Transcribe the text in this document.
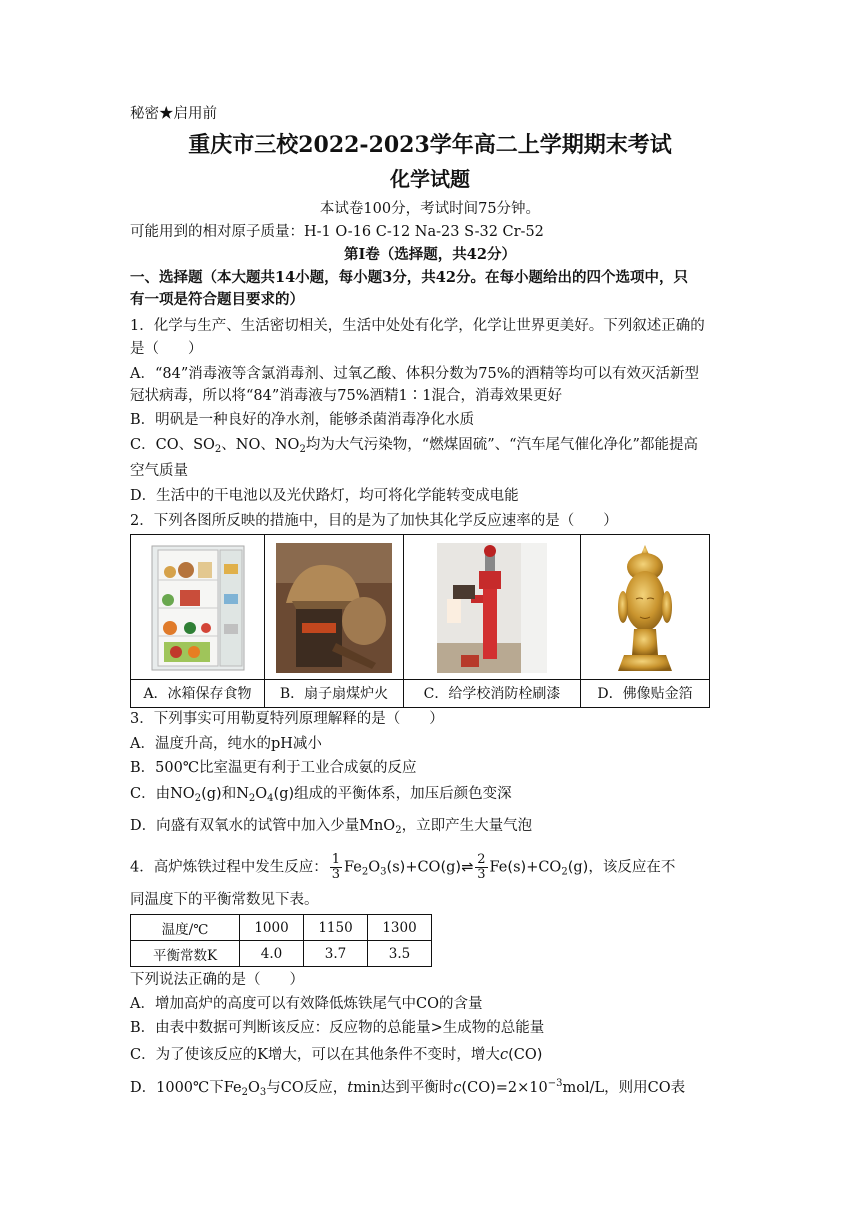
秘密★启用前
重庆市三校2022-2023学年高二上学期期末考试
化学试题
本试卷100分，考试时间75分钟。
可能用到的相对原子质量：H-1 O-16 C-12 Na-23 S-32 Cr-52
第Ⅰ卷（选择题，共42分）
一、选择题（本大题共14小题，每小题3分，共42分。在每小题给出的四个选项中，只
有一项是符合题目要求的）
1．化学与生产、生活密切相关，生活中处处有化学，化学让世界更美好。下列叙述正确的
是（　　）
A．“84”消毒液等含氯消毒剂、过氧乙酸、体积分数为75%的酒精等均可以有效灭活新型
冠状病毒，所以将“84”消毒液与75%酒精1∶1混合，消毒效果更好
B．明矾是一种良好的净水剂，能够杀菌消毒净化水质
C．CO、$SO_2$、NO、$NO_2$均为大气污染物，“燃煤固硫”、“汽车尾气催化净化”都能提高
空气质量
D．生活中的干电池以及光伏路灯，均可将化学能转变成电能
2．下列各图所反映的措施中，目的是为了加快其化学反应速率的是（　　）
A．冰箱保存食物	B．扇子扇煤炉火	C．给学校消防栓刷漆	D．佛像贴金箔
3．下列事实可用勒夏特列原理解释的是（　　）
A．温度升高，纯水的pH减小
B．500℃比室温更有利于工业合成氨的反应
C．由$NO_2(g)$和$N_2O_4(g)$组成的平衡体系，加压后颜色变深
D．向盛有双氧水的试管中加入少量MnO$_2$，立即产生大量气泡
4．高炉炼铁过程中发生反应： $\frac{1}{3}$ $Fe_2O_3(s)+CO(g)\rightleftharpoons \frac{2}{3} Fe(s)+CO_2(g)$，该反应在不
同温度下的平衡常数见下表。
温度/℃	1000	1150	1300
平衡常数K	4.0	3.7	3.5
下列说法正确的是（　　）
A．增加高炉的高度可以有效降低炼铁尾气中CO的含量
B．由表中数据可判断该反应：反应物的总能量>生成物的总能量
C．为了使该反应的K增大，可以在其他条件不变时，增大c(CO)
D．1000℃下$Fe_2O_3$与CO反应，tmin达到平衡时$c(CO)=2\times 10^{-3}mol/L$，则用CO表
